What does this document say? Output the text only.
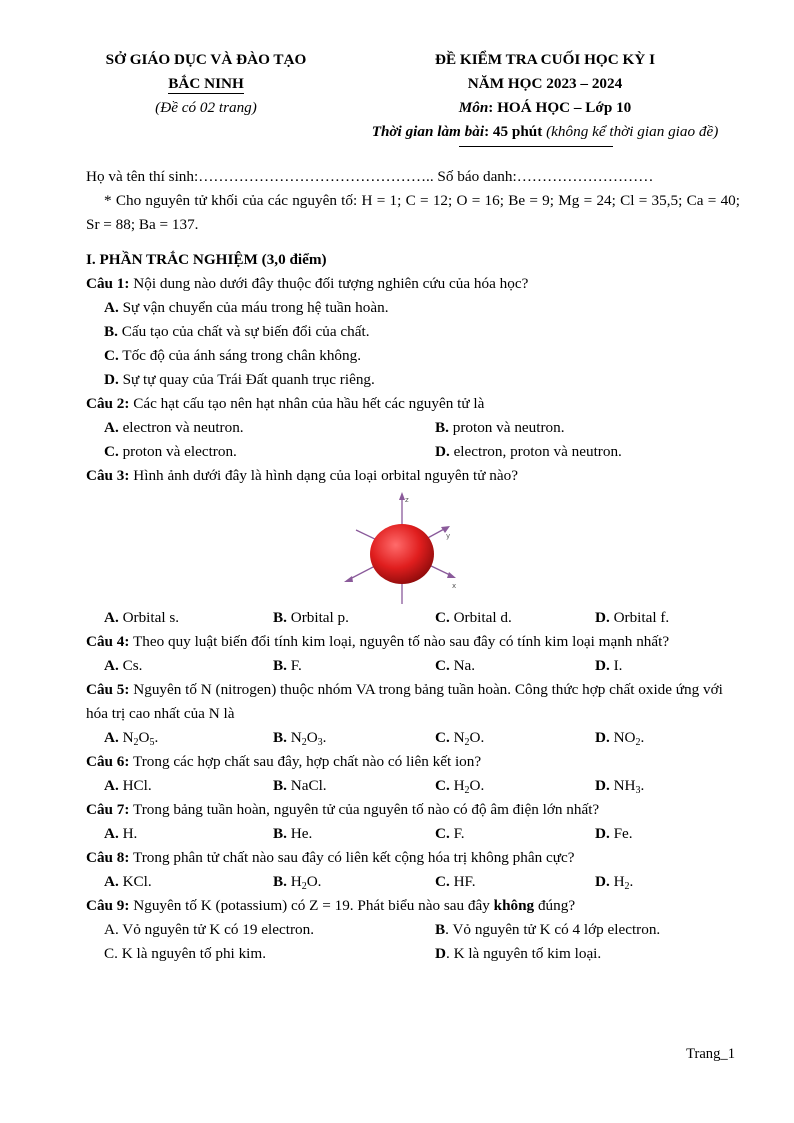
SỞ GIÁO DỤC VÀ ĐÀO TẠO
BẮC NINH
(Đề có 02 trang)
ĐỀ KIỂM TRA CUỐI HỌC KỲ I
NĂM HỌC 2023 – 2024
Môn: HOÁ HỌC – Lớp 10
Thời gian làm bài: 45 phút (không kể thời gian giao đề)
Họ và tên thí sinh:……………………………………….. Số báo danh:………………………
* Cho nguyên tử khối của các nguyên tố: H = 1; C = 12; O = 16; Be = 9; Mg = 24; Cl = 35,5; Ca = 40; Sr = 88; Ba = 137.
I. PHẦN TRẮC NGHIỆM (3,0 điểm)
Câu 1: Nội dung nào dưới đây thuộc đối tượng nghiên cứu của hóa học?
A. Sự vận chuyển của máu trong hệ tuần hoàn.
B. Cấu tạo của chất và sự biến đổi của chất.
C. Tốc độ của ánh sáng trong chân không.
D. Sự tự quay của Trái Đất quanh trục riêng.
Câu 2: Các hạt cấu tạo nên hạt nhân của hầu hết các nguyên tử là
A. electron và neutron.	B. proton và neutron.
C. proton và electron.	D. electron, proton và neutron.
Câu 3: Hình ảnh dưới đây là hình dạng của loại orbital nguyên tử nào?
z
y
x
A. Orbital s.	B. Orbital p.	C. Orbital d.	D. Orbital f.
Câu 4: Theo quy luật biến đổi tính kim loại, nguyên tố nào sau đây có tính kim loại mạnh nhất?
A. Cs.	B. F.	C. Na.	D. I.
Câu 5: Nguyên tố N (nitrogen) thuộc nhóm VA trong bảng tuần hoàn. Công thức hợp chất oxide ứng với hóa trị cao nhất của N là
A. $N_2O_5$.	B. $N_2O_3$.	C. $N_2O$.	D. $NO_2$.
Câu 6: Trong các hợp chất sau đây, hợp chất nào có liên kết ion?
A. HCl.	B. NaCl.	C. $H_2O$.	D. $NH_3$.
Câu 7: Trong bảng tuần hoàn, nguyên tử của nguyên tố nào có độ âm điện lớn nhất?
A. H.	B. He.	C. F.	D. Fe.
Câu 8: Trong phân tử chất nào sau đây có liên kết cộng hóa trị không phân cực?
A. KCl.	B. $H_2O$.	C. HF.	D. $H_2$.
Câu 9: Nguyên tố K (potassium) có Z = 19. Phát biểu nào sau đây không đúng?
A. Vỏ nguyên tử K có 19 electron.	B. Vỏ nguyên tử K có 4 lớp electron.
C. K là nguyên tố phi kim.	D. K là nguyên tố kim loại.
Trang_1
